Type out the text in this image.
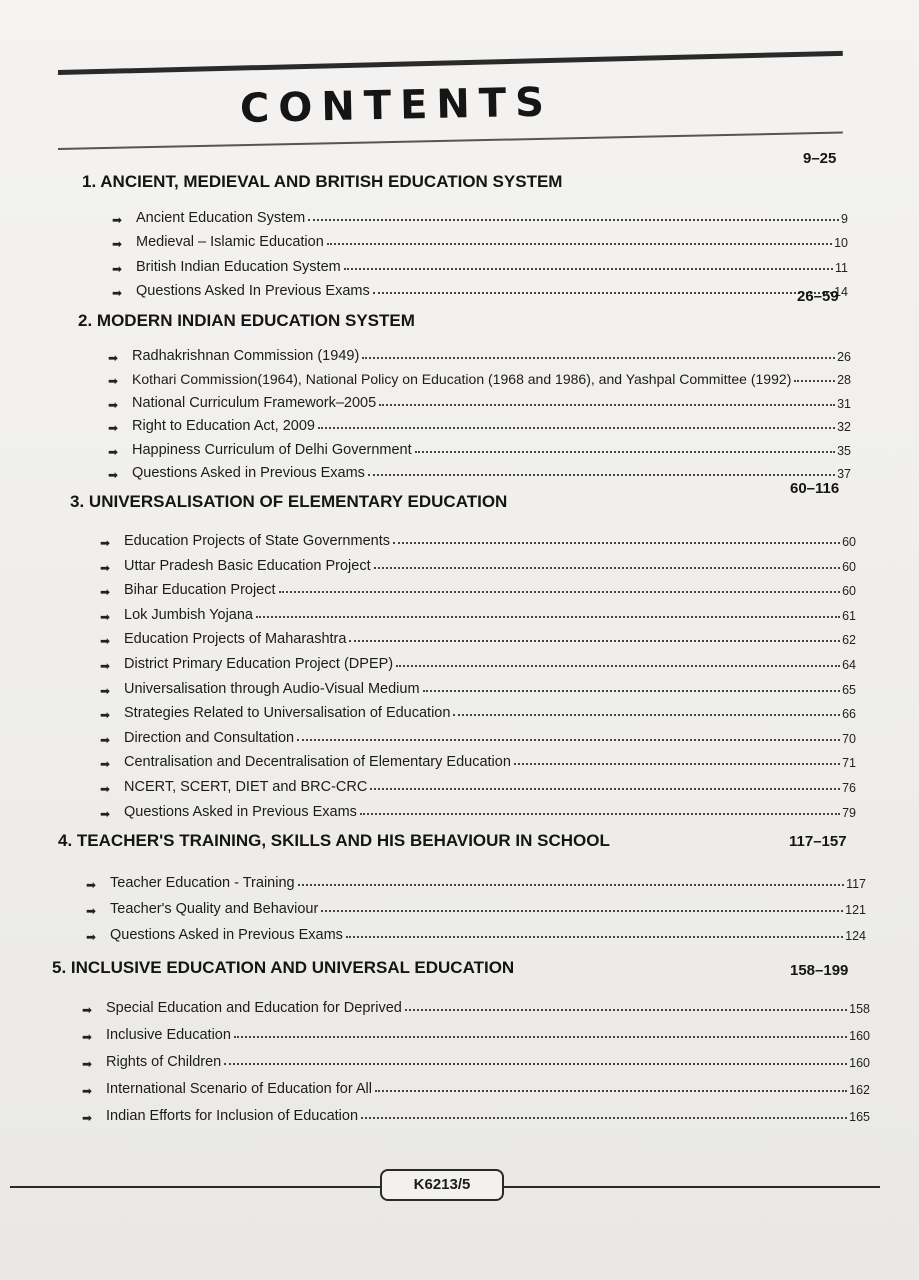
CONTENTS
1. ANCIENT, MEDIEVAL AND BRITISH EDUCATION SYSTEM
9–25
➡ Ancient Education System	9
➡ Medieval – Islamic Education	10
➡ British Indian Education System	11
➡ Questions Asked In Previous Exams	14
2. MODERN INDIAN EDUCATION SYSTEM
26–59
➡ Radhakrishnan Commission (1949)	26
➡ Kothari Commission(1964), National Policy on Education (1968 and 1986), and Yashpal Committee (1992)	28
➡ National Curriculum Framework–2005	31
➡ Right to Education Act, 2009	32
➡ Happiness Curriculum of Delhi Government	35
➡ Questions Asked in Previous Exams	37
3. UNIVERSALISATION OF ELEMENTARY EDUCATION
60–116
➡ Education Projects of State Governments	60
➡ Uttar Pradesh Basic Education Project	60
➡ Bihar Education Project	60
➡ Lok Jumbish Yojana	61
➡ Education Projects of Maharashtra	62
➡ District Primary Education Project (DPEP)	64
➡ Universalisation through Audio-Visual Medium	65
➡ Strategies Related to Universalisation of Education	66
➡ Direction and Consultation	70
➡ Centralisation and Decentralisation of Elementary Education	71
➡ NCERT, SCERT, DIET and BRC-CRC	76
➡ Questions Asked in Previous Exams	79
4. TEACHER'S TRAINING, SKILLS AND HIS BEHAVIOUR IN SCHOOL	117–157
➡ Teacher Education - Training	117
➡ Teacher's Quality and Behaviour	121
➡ Questions Asked in Previous Exams	124
5. INCLUSIVE EDUCATION AND UNIVERSAL EDUCATION	158–199
➡ Special Education and Education for Deprived	158
➡ Inclusive Education	160
➡ Rights of Children	160
➡ International Scenario of Education for All	162
➡ Indian Efforts for Inclusion of Education	165
K6213/5
